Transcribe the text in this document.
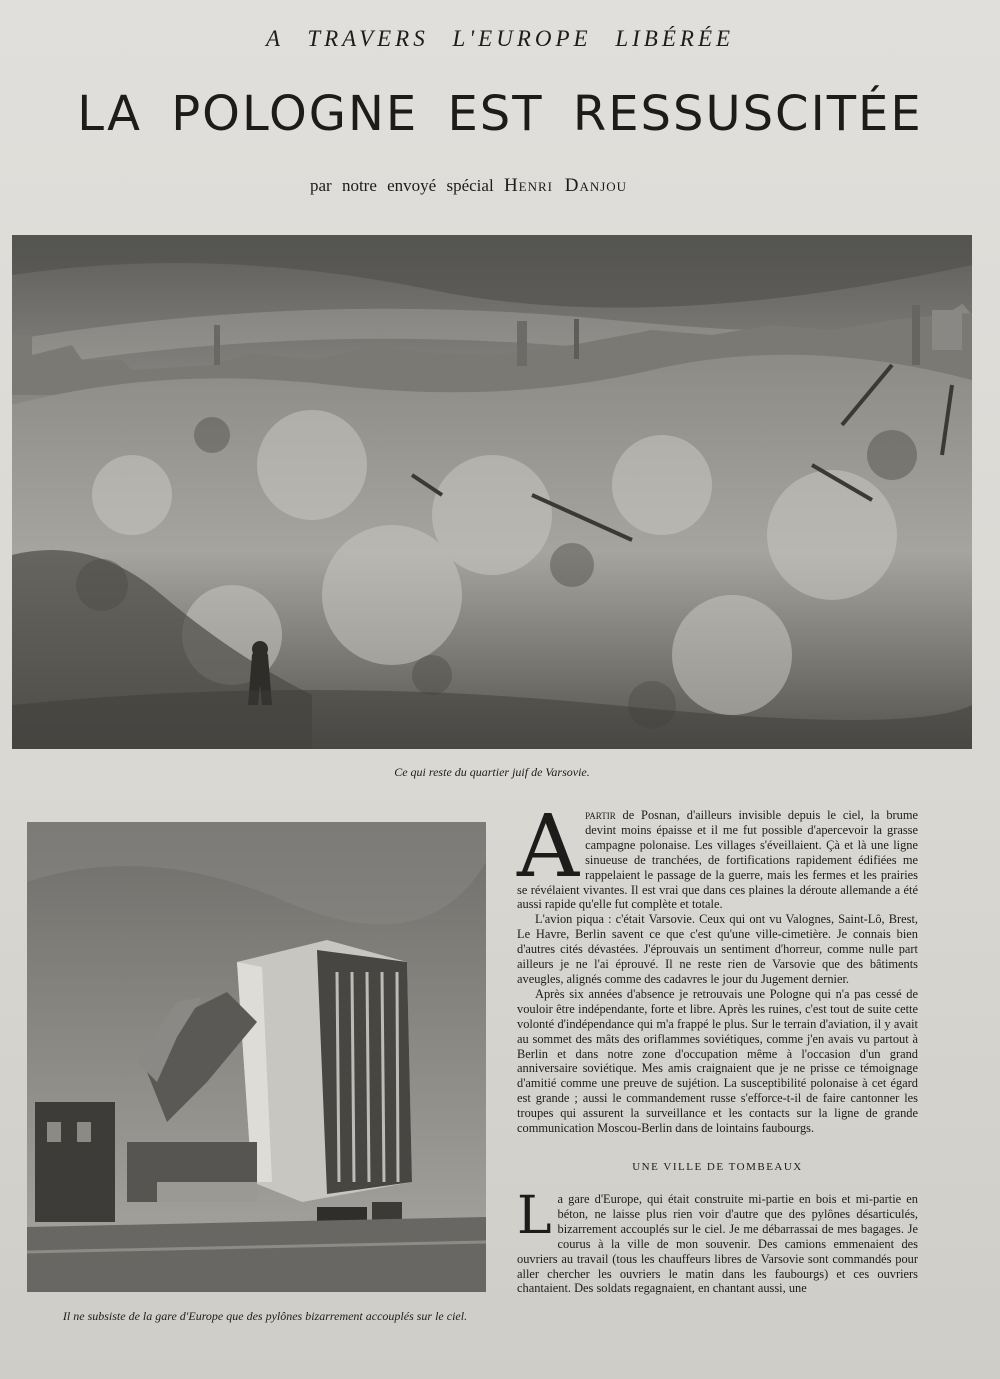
A TRAVERS L'EUROPE LIBÉRÉE
LA POLOGNE EST RESSUSCITÉE
par notre envoyé spécial Henri Danjou
Ce qui reste du quartier juif de Varsovie.
Il ne subsiste de la gare d'Europe que des pylônes bizarrement accouplés sur le ciel.

Apartir de Posnan, d'ailleurs invisible depuis le ciel, la brume devint moins épaisse et il me fut possible d'apercevoir la grasse campagne polonaise. Les villages s'éveillaient. Çà et là une ligne sinueuse de tranchées, de fortifications rapidement édifiées me rappelaient le passage de la guerre, mais les fermes et les prairies se révélaient vivantes. Il est vrai que dans ces plaines la déroute allemande a été aussi rapide qu'elle fut complète et totale.

L'avion piqua : c'était Varsovie. Ceux qui ont vu Valognes, Saint-Lô, Brest, Le Havre, Berlin savent ce que c'est qu'une ville-cimetière. Je connais bien d'autres cités dévastées. J'éprouvais un sentiment d'horreur, comme nulle part ailleurs je ne l'ai éprouvé. Il ne reste rien de Varsovie que des bâtiments aveugles, alignés comme des cadavres le jour du Jugement dernier.

Après six années d'absence je retrouvais une Pologne qui n'a pas cessé de vouloir être indépendante, forte et libre. Après les ruines, c'est tout de suite cette volonté d'indépendance qui m'a frappé le plus. Sur le terrain d'aviation, il y avait au sommet des mâts des oriflammes soviétiques, comme j'en avais vu partout à Berlin et dans notre zone d'occupation même à l'occasion d'un grand anniversaire soviétique. Mes amis craignaient que je ne prisse ce témoignage d'amitié comme une preuve de sujétion. La susceptibilité polonaise à cet égard est grande ; aussi le commandement russe s'efforce-t-il de faire cantonner les troupes qui assurent la surveillance et les contacts sur la ligne de grande communication Moscou-Berlin dans de lointains faubourgs.

UNE VILLE DE TOMBEAUX

La gare d'Europe, qui était construite mi-partie en bois et mi-partie en béton, ne laisse plus rien voir d'autre que des pylônes désarticulés, bizarrement accouplés sur le ciel. Je me débarrassai de mes bagages. Je courus à la ville de mon souvenir. Des camions emmenaient des ouvriers au travail (tous les chauffeurs libres de Varsovie sont commandés pour aller chercher les ouvriers le matin dans les faubourgs) et ces ouvriers chantaient. Des soldats regagnaient, en chantant aussi, une
